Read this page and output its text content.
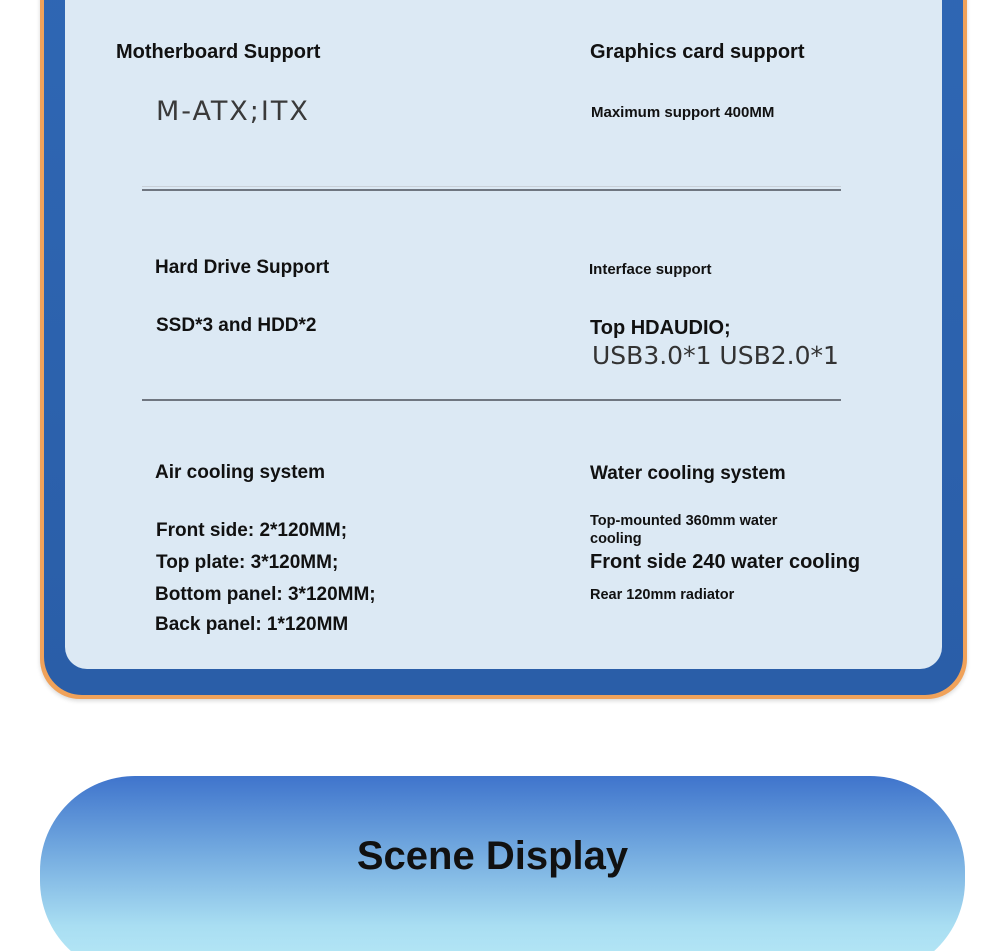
Motherboard Support
M-ATX;ITX
Graphics card support
Maximum support 400MM
Hard Drive Support
SSD*3 and HDD*2
Interface support
Top HDAUDIO;
USB3.0*1 USB2.0*1
Air cooling system
Front side: 2*120MM;
Top plate: 3*120MM;
Bottom panel: 3*120MM;
Back panel: 1*120MM
Water cooling system
Top-mounted 360mm water
cooling
Front side 240 water cooling
Rear 120mm radiator
Scene Display
